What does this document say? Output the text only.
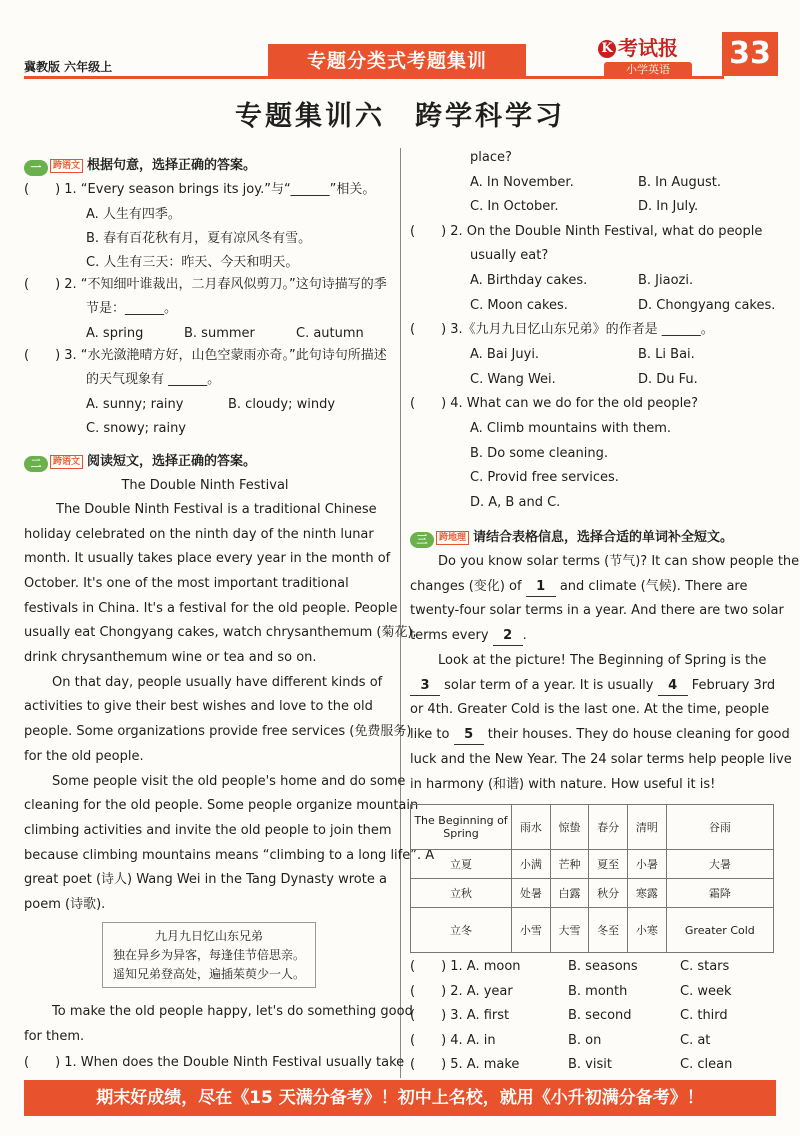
冀教版 六年级上	专题分类式考题集训
K 考试报
小学英语	33
专题集训六　跨学科学习
一 跨语文 根据句意，选择正确的答案。
(　　) 1. “Every season brings its joy.”与“______”相关。
A. 人生有四季。
B. 春有百花秋有月，夏有凉风冬有雪。
C. 人生有三天：昨天、今天和明天。
(　　) 2. “不知细叶谁裁出，二月春风似剪刀。”这句诗描写的季
节是：______。
A. spring	B. summer	C. autumn
(　　) 3. “水光潋滟晴方好，山色空蒙雨亦奇。”此句诗句所描述
的天气现象有 ______。
A. sunny; rainy	B. cloudy; windy
C. snowy; rainy
二 跨语文 阅读短文，选择正确的答案。
The Double Ninth Festival
The Double Ninth Festival is a traditional Chinese
holiday celebrated on the ninth day of the ninth lunar
month. It usually takes place every year in the month of
October. It's one of the most important traditional
festivals in China. It's a festival for the old people. People
usually eat Chongyang cakes, watch chrysanthemum (菊花),
drink chrysanthemum wine or tea and so on.
On that day, people usually have different kinds of
activities to give their best wishes and love to the old
people. Some organizations provide free services (免费服务)
for the old people.
Some people visit the old people's home and do some
cleaning for the old people. Some people organize mountain
climbing activities and invite the old people to join them
because climbing mountains means “climbing to a long life”. A
great poet (诗人) Wang Wei in the Tang Dynasty wrote a
poem (诗歌).
九月九日忆山东兄弟
独在异乡为异客，每逢佳节倍思亲。
遥知兄弟登高处，遍插茱萸少一人。
To make the old people happy, let's do something good
for them.
(　　) 1. When does the Double Ninth Festival usually take
place?
A. In November.	B. In August.
C. In October.	D. In July.
(　　) 2. On the Double Ninth Festival, what do people
usually eat?
A. Birthday cakes.	B. Jiaozi.
C. Moon cakes.	D. Chongyang cakes.
(　　) 3.《九月九日忆山东兄弟》的作者是 ______。
A. Bai Juyi.	B. Li Bai.
C. Wang Wei.	D. Du Fu.
(　　) 4. What can we do for the old people?
A. Climb mountains with them.
B. Do some cleaning.
C. Provid free services.
D. A, B and C.
三 跨地理 请结合表格信息，选择合适的单词补全短文。
Do you know solar terms (节气)? It can show people the
changes (变化) of 1 and climate (气候). There are
twenty-four solar terms in a year. And there are two solar
terms every 2 .
Look at the picture! The Beginning of Spring is the
3 solar term of a year. It is usually 4 February 3rd
or 4th. Greater Cold is the last one. At the time, people
like to 5 their houses. They do house cleaning for good
luck and the New Year. The 24 solar terms help people live
in harmony (和谐) with nature. How useful it is!
The Beginning of Spring	雨水	惊蛰	春分	清明	谷雨
立夏	小满	芒种	夏至	小暑	大暑
立秋	处暑	白露	秋分	寒露	霜降
立冬	小雪	大雪	冬至	小寒	Greater Cold
(　　) 1. A. moon	B. seasons	C. stars
(　　) 2. A. year	B. month	C. week
(　　) 3. A. first	B. second	C. third
(　　) 4. A. in	B. on	C. at
(　　) 5. A. make	B. visit	C. clean
期末好成绩，尽在《15 天满分备考》！初中上名校，就用《小升初满分备考》！
